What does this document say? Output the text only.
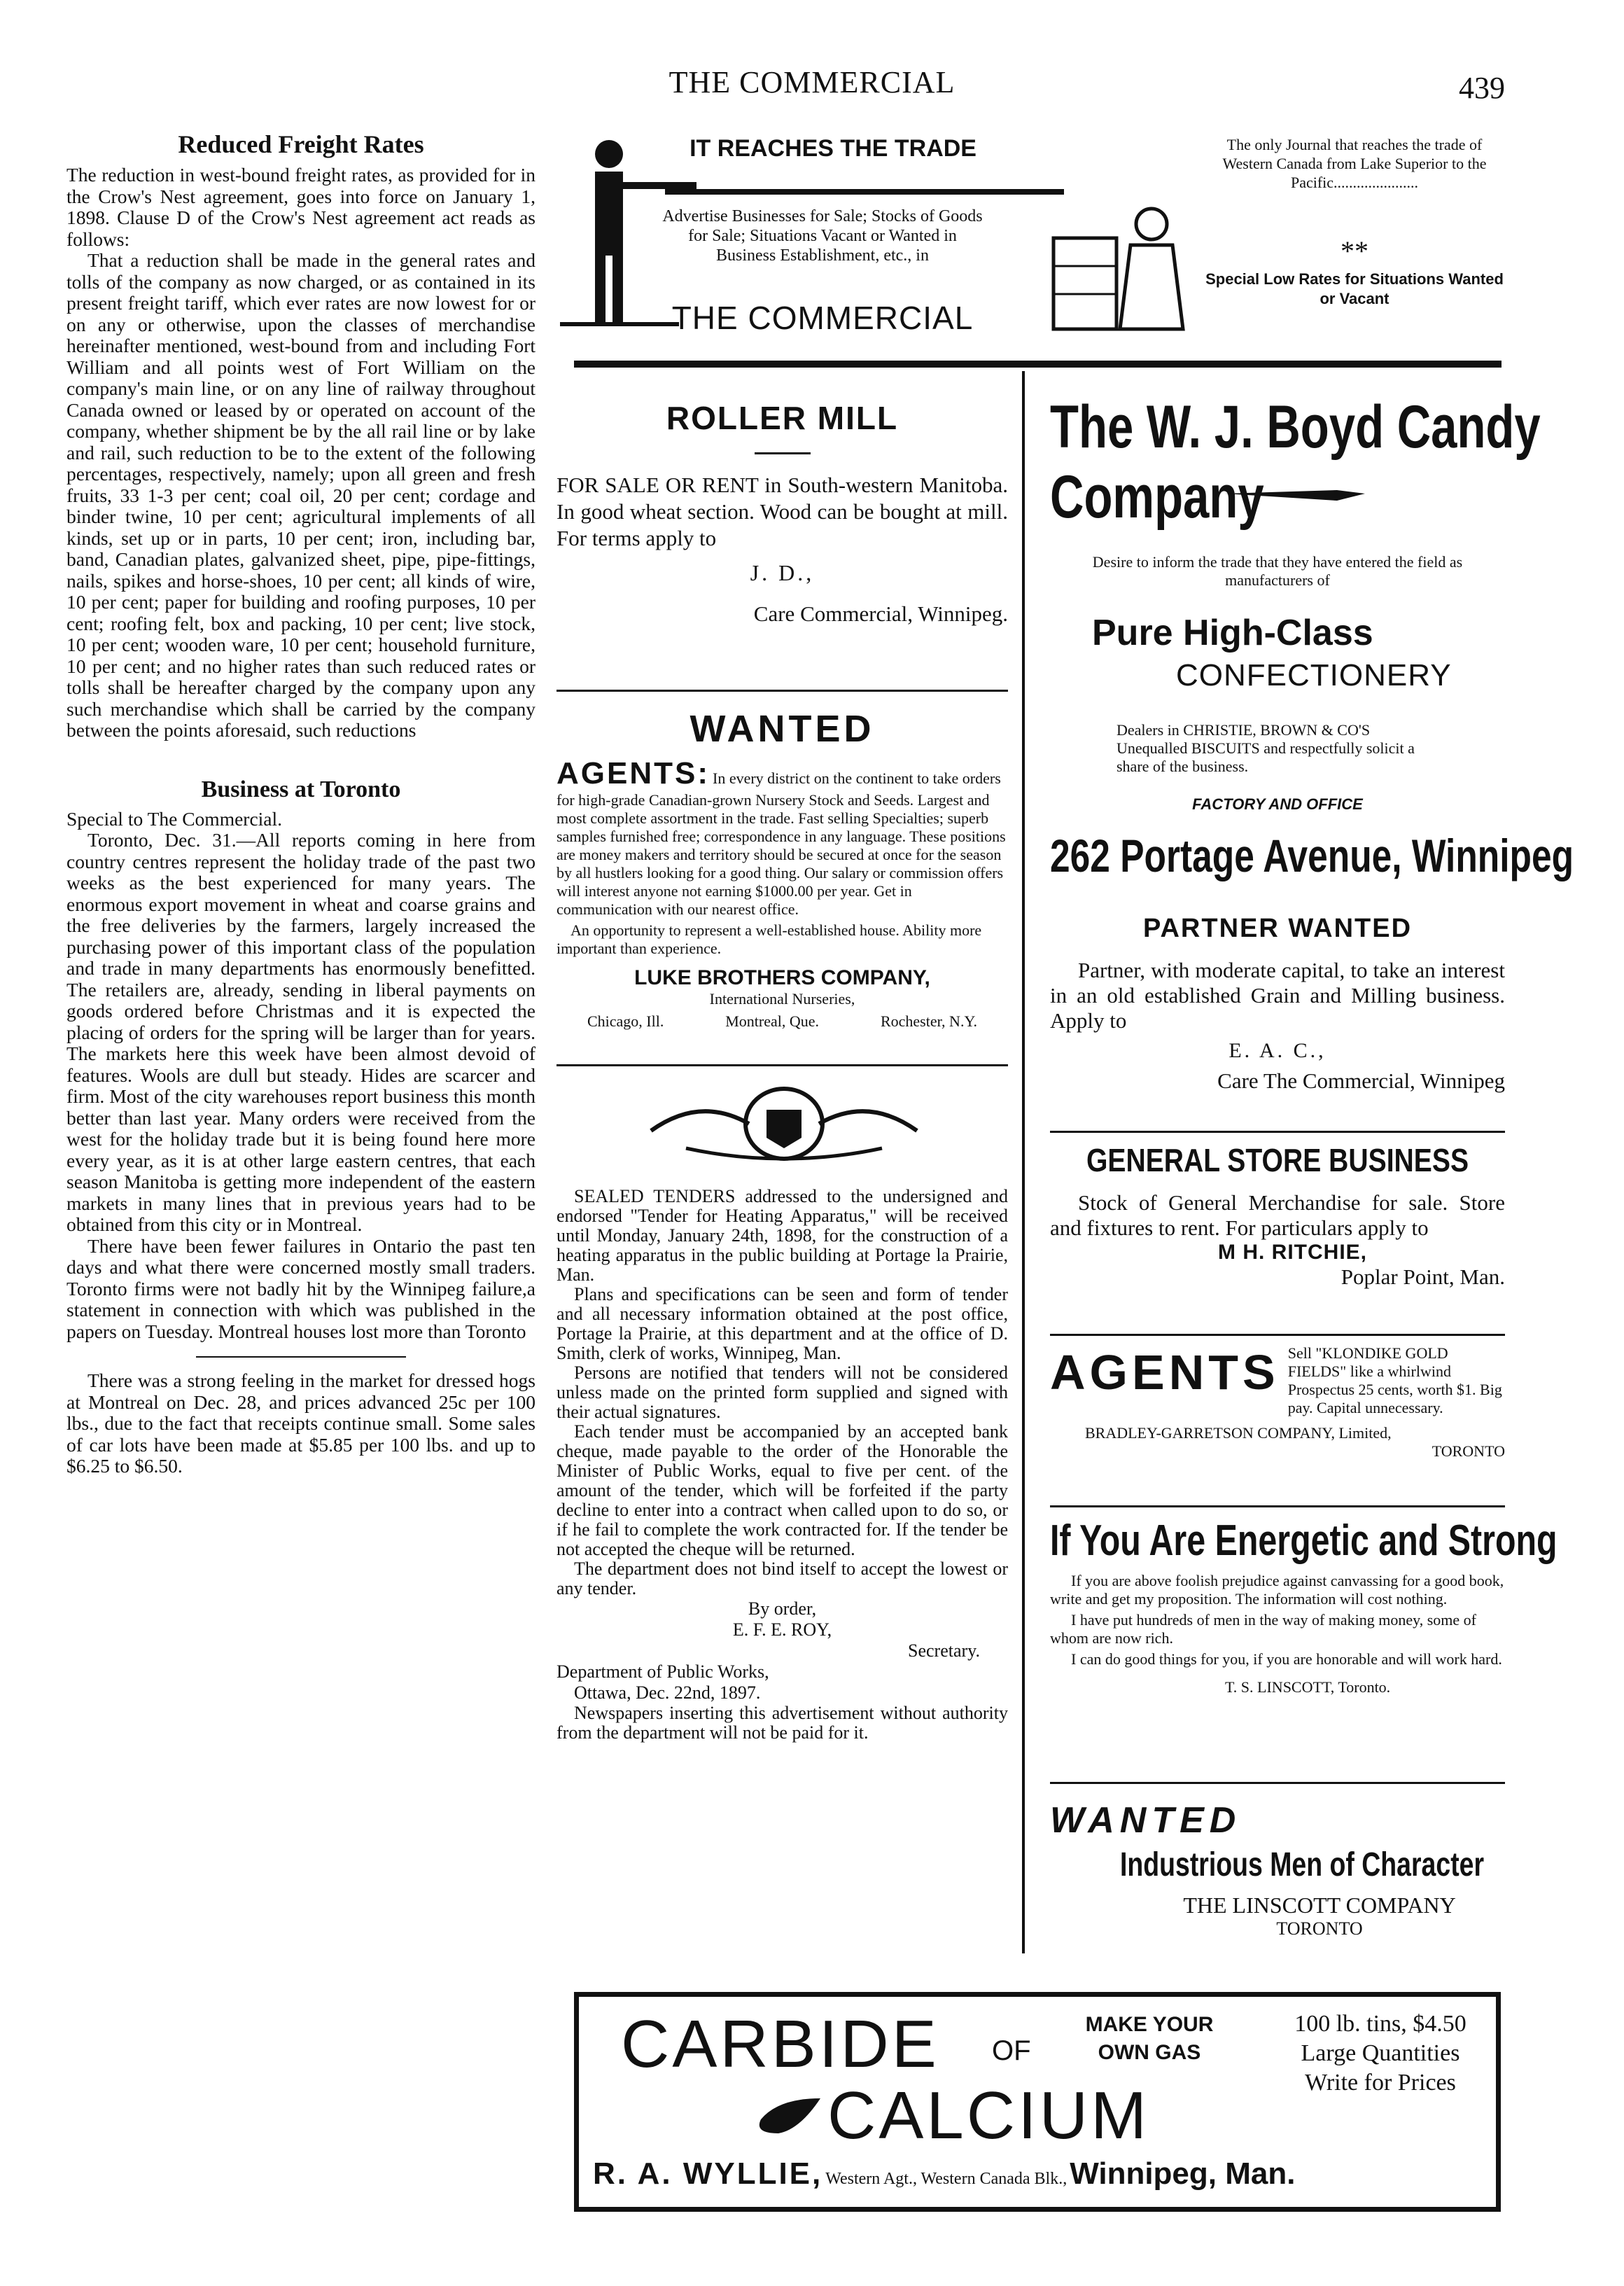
THE COMMERCIAL	439
Reduced Freight Rates

The reduction in west-bound freight rates, as provided for in the Crow's Nest agreement, goes into force on January 1, 1898. Clause D of the Crow's Nest agreement act reads as follows:

That a reduction shall be made in the general rates and tolls of the company as now charged, or as contained in its present freight tariff, which ever rates are now lowest for or on any or otherwise, upon the classes of merchandise hereinafter mentioned, west-bound from and including Fort William and all points west of Fort William on the company's main line, or on any line of railway throughout Canada owned or leased by or operated on account of the company, whether shipment be by the all rail line or by lake and rail, such reduction to be to the extent of the following percentages, respectively, namely; upon all green and fresh fruits, 33 1-3 per cent; coal oil, 20 per cent; cordage and binder twine, 10 per cent; agricultural implements of all kinds, set up or in parts, 10 per cent; iron, including bar, band, Canadian plates, galvanized sheet, pipe, pipe-fittings, nails, spikes and horse-shoes, 10 per cent; all kinds of wire, 10 per cent; paper for building and roofing purposes, 10 per cent; roofing felt, box and packing, 10 per cent; live stock, 10 per cent; wooden ware, 10 per cent; household furniture, 10 per cent; and no higher rates than such reduced rates or tolls shall be hereafter charged by the company upon any such merchandise which shall be carried by the company between the points aforesaid, such reductions

Business at Toronto

Special to The Commercial.

Toronto, Dec. 31.—All reports coming in here from country centres represent the holiday trade of the past two weeks as the best experienced for many years. The enormous export movement in wheat and coarse grains and the free deliveries by the farmers, largely increased the purchasing power of this important class of the population and trade in many departments has enormously benefitted. The retailers are, already, sending in liberal payments on goods ordered before Christmas and it is expected the placing of orders for the spring will be larger than for years. The markets here this week have been almost devoid of features. Wools are dull but steady. Hides are scarcer and firm. Most of the city warehouses report business this month better than last year. Many orders were received from the west for the holiday trade but it is being found here more every year, as it is at other large eastern centres, that each season Manitoba is getting more independent of the eastern markets in many lines that in previous years had to be obtained from this city or in Montreal.

There have been fewer failures in Ontario the past ten days and what there were concerned mostly small traders. Toronto firms were not badly hit by the Winnipeg failure,a statement in connection with which was published in the papers on Tuesday. Montreal houses lost more than Toronto

There was a strong feeling in the market for dressed hogs at Montreal on Dec. 28, and prices advanced 25c per 100 lbs., due to the fact that receipts continue small. Some sales of car lots have been made at $5.85 per 100 lbs. and up to $6.25 to $6.50.

IT REACHES THE TRADE
Advertise Businesses for Sale; Stocks of Goods for Sale; Situations Vacant or Wanted in Business Establishment, etc., in
THE COMMERCIAL
The only Journal that reaches the trade of Western Canada from Lake Superior to the Pacific......................
**
Special Low Rates for Situations Wanted or Vacant
ROLLER MILL

FOR SALE OR RENT in South-western Manitoba. In good wheat section. Wood can be bought at mill. For terms apply to

J. D.,
Care Commercial, Winnipeg.
WANTED
AGENTS: In every district on the continent to take orders for high-grade Canadian-grown Nursery Stock and Seeds. Largest and most complete assortment in the trade. Fast selling Specialties; superb samples furnished free; correspondence in any language. These positions are money makers and territory should be secured at once for the season by all hustlers looking for a good thing. Our salary or commission offers will interest anyone not earning $1000.00 per year. Get in communication with our nearest office.
An opportunity to represent a well-established house. Ability more important than experience.
LUKE BROTHERS COMPANY,
International Nurseries,
Chicago, Ill.	Montreal, Que.	Rochester, N.Y.

SEALED TENDERS addressed to the undersigned and endorsed "Tender for Heating Apparatus," will be received until Monday, January 24th, 1898, for the construction of a heating apparatus in the public building at Portage la Prairie, Man.

Plans and specifications can be seen and form of tender and all necessary information obtained at the post office, Portage la Prairie, at this department and at the office of D. Smith, clerk of works, Winnipeg, Man.

Persons are notified that tenders will not be considered unless made on the printed form supplied and signed with their actual signatures.

Each tender must be accompanied by an accepted bank cheque, made payable to the order of the Honorable the Minister of Public Works, equal to five per cent. of the amount of the tender, which will be forfeited if the party decline to enter into a contract when called upon to do so, or if he fail to complete the work contracted for. If the tender be not accepted the cheque will be returned.

The department does not bind itself to accept the lowest or any tender.

By order,
E. F. E. ROY,
Secretary.
Department of Public Works,
Ottawa, Dec. 22nd, 1897.

Newspapers inserting this advertisement without authority from the department will not be paid for it.

The W. J. Boyd Candy
Company
Desire to inform the trade that they have entered the field as manufacturers of
Pure High-Class
CONFECTIONERY
Dealers in CHRISTIE, BROWN & CO'S Unequalled BISCUITS and respectfully solicit a share of the business.
FACTORY AND OFFICE
262 Portage Avenue, Winnipeg
PARTNER WANTED

Partner, with moderate capital, to take an interest in an old established Grain and Milling business. Apply to

E. A. C.,
Care The Commercial, Winnipeg
GENERAL STORE BUSINESS

Stock of General Merchandise for sale. Store and fixtures to rent. For particulars apply to

M H. RITCHIE,
Poplar Point, Man.
AGENTS Sell "KLONDIKE GOLD FIELDS" like a whirlwind Prospectus 25 cents, worth $1. Big pay. Capital unnecessary.
BRADLEY-GARRETSON COMPANY, Limited,
TORONTO
If You Are Energetic and Strong

If you are above foolish prejudice against canvassing for a good book, write and get my proposition. The information will cost nothing.

I have put hundreds of men in the way of making money, some of whom are now rich.

I can do good things for you, if you are honorable and will work hard.

T. S. LINSCOTT, Toronto.
WANTED
Industrious Men of Character
THE LINSCOTT COMPANY
TORONTO
CARBIDE OF
MAKE YOUR
OWN GAS
100 lb. tins, $4.50
Large Quantities
Write for Prices
CALCIUM
R. A. WYLLIE, Western Agt., Western Canada Blk., Winnipeg, Man.
